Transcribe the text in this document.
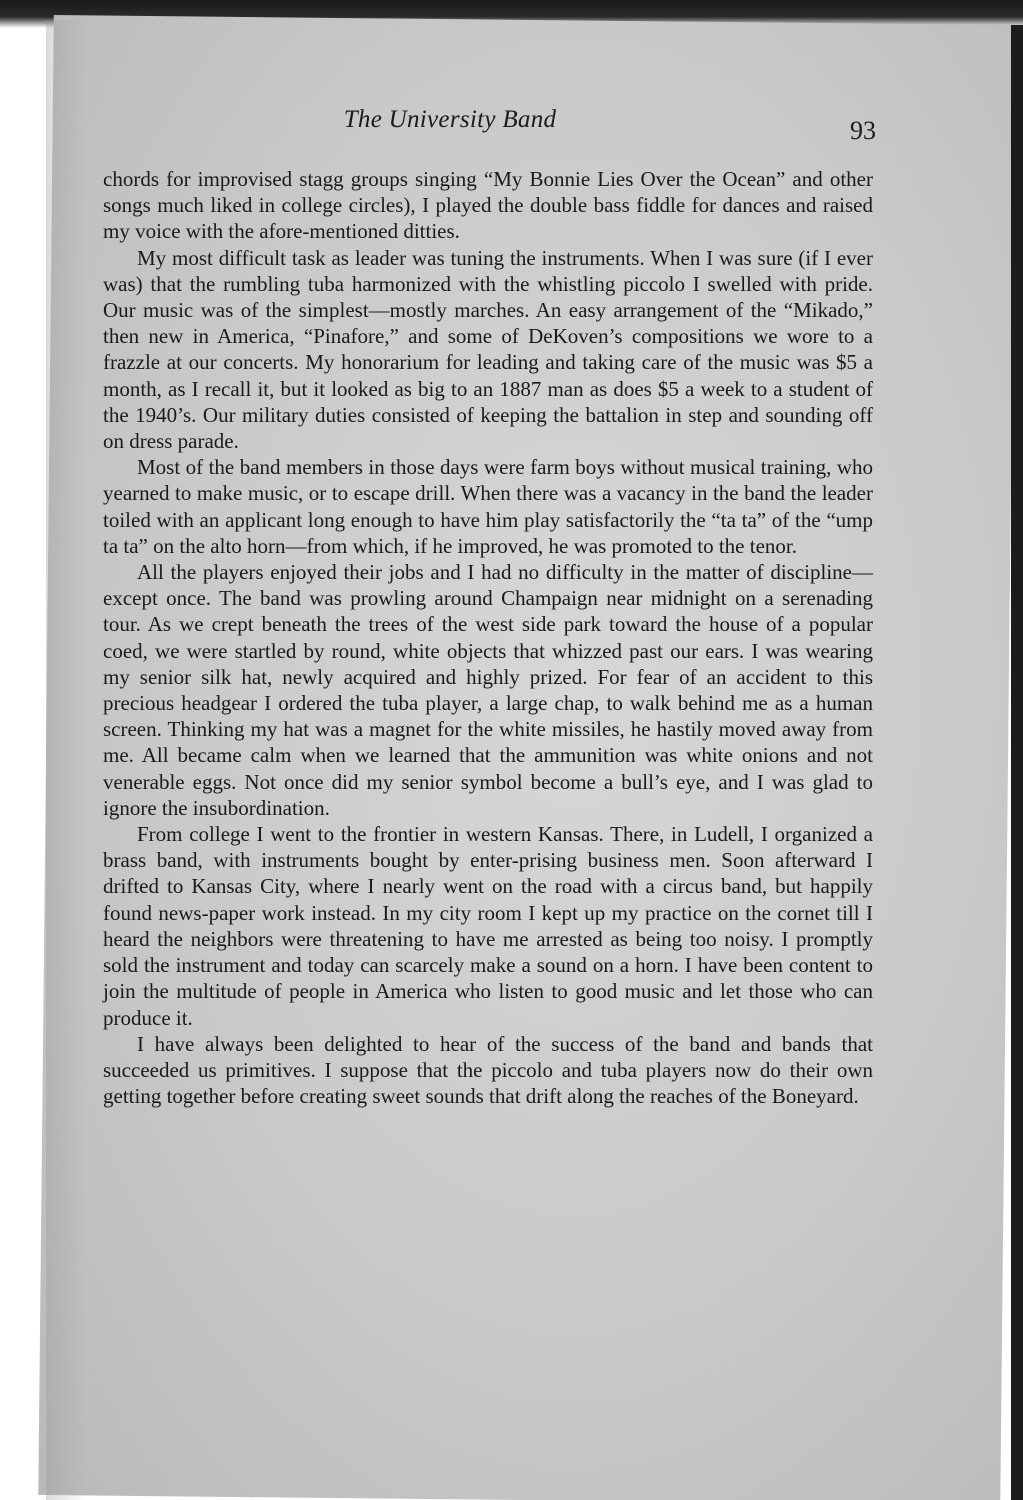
The University Band	93

chords for improvised stagg groups singing “My Bonnie Lies Over the Ocean” and other songs much liked in college circles), I played the double bass fiddle for dances and raised my voice with the afore-mentioned ditties.

My most difficult task as leader was tuning the instruments. When I was sure (if I ever was) that the rumbling tuba harmonized with the whistling piccolo I swelled with pride. Our music was of the simplest—mostly marches. An easy arrangement of the “Mikado,” then new in America, “Pinafore,” and some of DeKoven’s compositions we wore to a frazzle at our concerts. My honorarium for leading and taking care of the music was $5 a month, as I recall it, but it looked as big to an 1887 man as does $5 a week to a student of the 1940’s. Our military duties consisted of keeping the battalion in step and sounding off on dress parade.

Most of the band members in those days were farm boys without musical training, who yearned to make music, or to escape drill. When there was a vacancy in the band the leader toiled with an applicant long enough to have him play satisfactorily the “ta ta” of the “ump ta ta” on the alto horn—from which, if he improved, he was promoted to the tenor.

All the players enjoyed their jobs and I had no difficulty in the matter of discipline—except once. The band was prowling around Champaign near midnight on a serenading tour. As we crept beneath the trees of the west side park toward the house of a popular coed, we were startled by round, white objects that whizzed past our ears. I was wearing my senior silk hat, newly acquired and highly prized. For fear of an accident to this precious headgear I ordered the tuba player, a large chap, to walk behind me as a human screen. Thinking my hat was a magnet for the white missiles, he hastily moved away from me. All became calm when we learned that the ammunition was white onions and not venerable eggs. Not once did my senior symbol become a bull’s eye, and I was glad to ignore the insubordination.

From college I went to the frontier in western Kansas. There, in Ludell, I organized a brass band, with instruments bought by enter-prising business men. Soon afterward I drifted to Kansas City, where I nearly went on the road with a circus band, but happily found news-paper work instead. In my city room I kept up my practice on the cornet till I heard the neighbors were threatening to have me arrested as being too noisy. I promptly sold the instrument and today can scarcely make a sound on a horn. I have been content to join the multitude of people in America who listen to good music and let those who can produce it.

I have always been delighted to hear of the success of the band and bands that succeeded us primitives. I suppose that the piccolo and tuba players now do their own getting together before creating sweet sounds that drift along the reaches of the Boneyard.
